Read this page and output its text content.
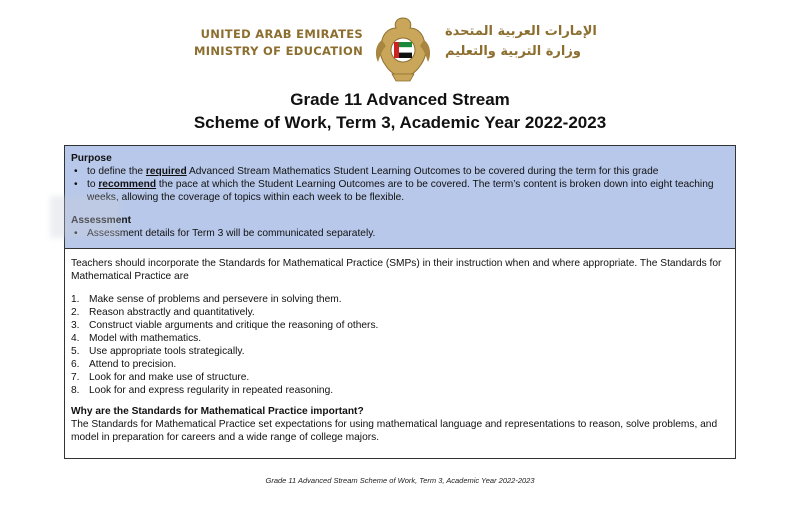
UNITED ARAB EMIRATES
MINISTRY OF EDUCATION
الإمارات العربية المتحدة
وزارة التربية والتعليم
Grade 11 Advanced Stream
Scheme of Work, Term 3, Academic Year 2022-2023
Purpose
• to define the required Advanced Stream Mathematics Student Learning Outcomes to be covered during the term for this grade
• to recommend the pace at which the Student Learning Outcomes are to be covered. The term’s content is broken down into eight teaching weeks, allowing the coverage of topics within each week to be flexible.
Assessment
• Assessment details for Term 3 will be communicated separately.
Teachers should incorporate the Standards for Mathematical Practice (SMPs) in their instruction when and where appropriate. The Standards for Mathematical Practice are
1. Make sense of problems and persevere in solving them.
2. Reason abstractly and quantitatively.
3. Construct viable arguments and critique the reasoning of others.
4. Model with mathematics.
5. Use appropriate tools strategically.
6. Attend to precision.
7. Look for and make use of structure.
8. Look for and express regularity in repeated reasoning.
Why are the Standards for Mathematical Practice important?
The Standards for Mathematical Practice set expectations for using mathematical language and representations to reason, solve problems, and model in preparation for careers and a wide range of college majors.
Grade 11 Advanced Stream Scheme of Work, Term 3, Academic Year 2022-2023
